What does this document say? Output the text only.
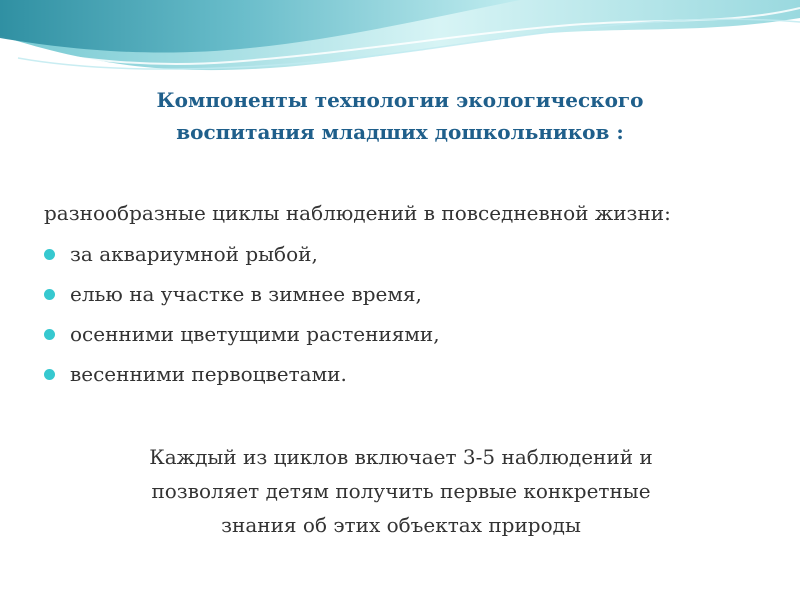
Компоненты технологии экологического
воспитания младших дошкольников :
разнообразные циклы наблюдений в повседневной жизни:
за аквариумной рыбой,
елью на участке в зимнее время,
осенними цветущими растениями,
весенними первоцветами.
Каждый из циклов включает 3-5 наблюдений и
позволяет детям получить первые конкретные
знания об этих объектах природы
